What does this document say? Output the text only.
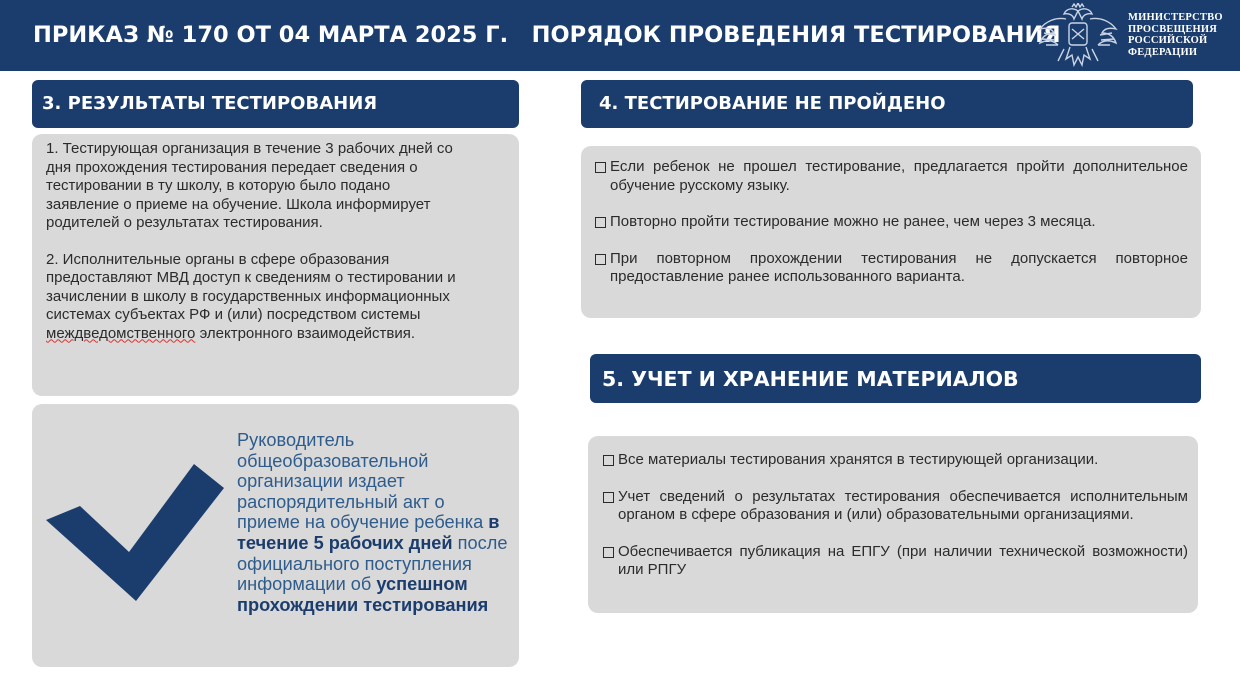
ПРИКАЗ № 170 ОТ 04 МАРТА 2025 Г.   ПОРЯДОК ПРОВЕДЕНИЯ ТЕСТИРОВАНИЯ
МИНИСТЕРСТВО
ПРОСВЕЩЕНИЯ
РОССИЙСКОЙ
ФЕДЕРАЦИИ
3. РЕЗУЛЬТАТЫ ТЕСТИРОВАНИЯ

1. Тестирующая организация в течение 3 рабочих дней со дня прохождения тестирования передает сведения о тестировании в ту школу, в которую было подано заявление о приеме на обучение. Школа информирует родителей о результатах тестирования.

2. Исполнительные органы в сфере образования предоставляют МВД доступ к сведениям о тестировании и зачислении в школу в государственных информационных системах субъектах РФ и (или) посредством системы междведомственного электронного взаимодействия.

Руководитель общеобразовательной организации издает распорядительный акт о приеме на обучение ребенка в течение 5 рабочих дней после официального поступления информации об успешном прохождении тестирования
4. ТЕСТИРОВАНИЕ НЕ ПРОЙДЕНО
Если ребенок не прошел тестирование, предлагается пройти дополнительное обучение русскому языку.
Повторно пройти тестирование можно не ранее, чем через 3 месяца.
При повторном прохождении тестирования не допускается повторное предоставление ранее использованного варианта.
5. УЧЕТ И ХРАНЕНИЕ МАТЕРИАЛОВ
Все материалы тестирования хранятся в тестирующей организации.
Учет сведений о результатах тестирования обеспечивается исполнительным органом в сфере образования и (или) образовательными организациями.
Обеспечивается публикация на ЕПГУ (при наличии технической возможности) или РПГУ
